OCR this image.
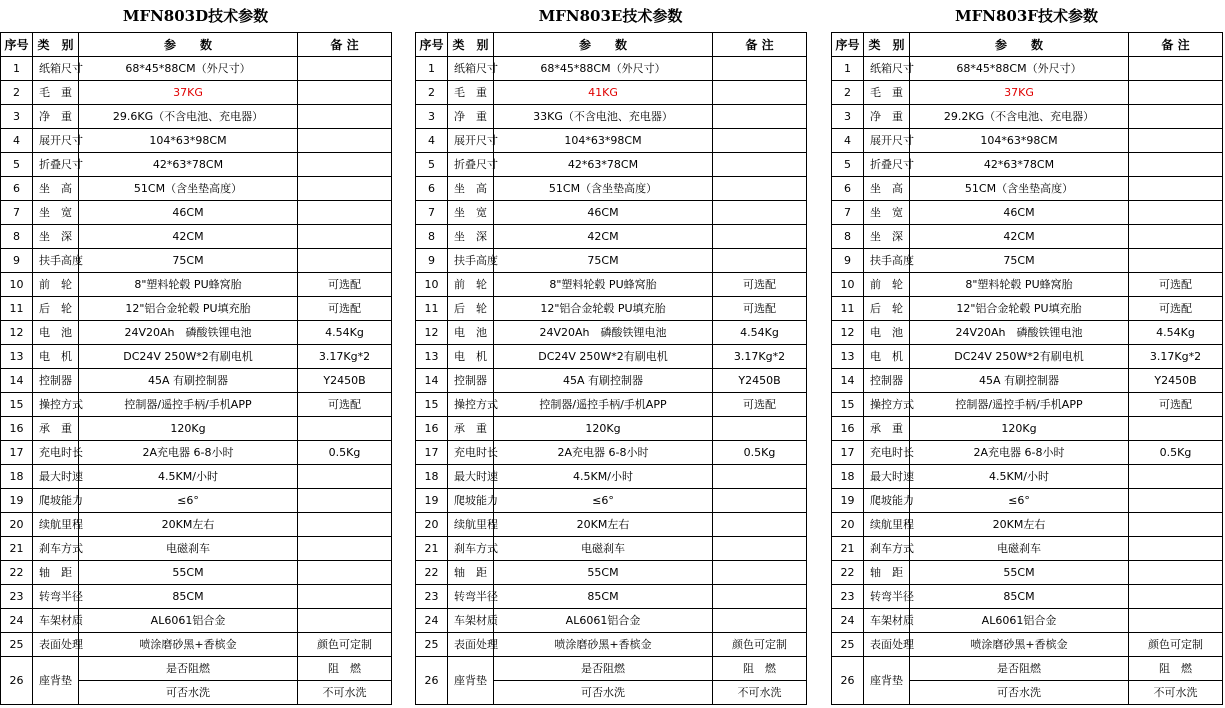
MFN803D技术参数
序号	类　别	参　　数	备 注
1	纸箱尺寸	68*45*88CM（外尺寸）	
2	毛重	37KG	
3	净重	29.6KG（不含电池、充电器）	
4	展开尺寸	104*63*98CM	
5	折叠尺寸	42*63*78CM	
6	坐高	51CM（含坐垫高度）	
7	坐宽	46CM	
8	坐深	42CM	
9	扶手高度	75CM	
10	前轮	8"塑料轮毂 PU蜂窝胎	可选配
11	后轮	12"铝合金轮毂 PU填充胎	可选配
12	电池	24V20Ah　磷酸铁锂电池	4.54Kg
13	电机	DC24V 250W*2有刷电机	3.17Kg*2
14	控制器	45A 有刷控制器	Y2450B
15	操控方式	控制器/遥控手柄/手机APP	可选配
16	承重	120Kg	
17	充电时长	2A充电器 6-8小时	0.5Kg
18	最大时速	4.5KM/小时	
19	爬坡能力	≤6°	
20	续航里程	20KM左右	
21	刹车方式	电磁刹车	
22	轴距	55CM	
23	转弯半径	85CM	
24	车架材质	AL6061铝合金	
25	表面处理	喷涂磨砂黑+香槟金	颜色可定制
26	座背垫	是否阻燃	阻　燃
		可否水洗	不可水洗
MFN803E技术参数
序号	类　别	参　　数	备 注
1	纸箱尺寸	68*45*88CM（外尺寸）	
2	毛重	41KG	
3	净重	33KG（不含电池、充电器）	
4	展开尺寸	104*63*98CM	
5	折叠尺寸	42*63*78CM	
6	坐高	51CM（含坐垫高度）	
7	坐宽	46CM	
8	坐深	42CM	
9	扶手高度	75CM	
10	前轮	8"塑料轮毂 PU蜂窝胎	可选配
11	后轮	12"铝合金轮毂 PU填充胎	可选配
12	电池	24V20Ah　磷酸铁锂电池	4.54Kg
13	电机	DC24V 250W*2有刷电机	3.17Kg*2
14	控制器	45A 有刷控制器	Y2450B
15	操控方式	控制器/遥控手柄/手机APP	可选配
16	承重	120Kg	
17	充电时长	2A充电器 6-8小时	0.5Kg
18	最大时速	4.5KM/小时	
19	爬坡能力	≤6°	
20	续航里程	20KM左右	
21	刹车方式	电磁刹车	
22	轴距	55CM	
23	转弯半径	85CM	
24	车架材质	AL6061铝合金	
25	表面处理	喷涂磨砂黑+香槟金	颜色可定制
26	座背垫	是否阻燃	阻　燃
		可否水洗	不可水洗
MFN803F技术参数
序号	类　别	参　　数	备 注
1	纸箱尺寸	68*45*88CM（外尺寸）	
2	毛重	37KG	
3	净重	29.2KG（不含电池、充电器）	
4	展开尺寸	104*63*98CM	
5	折叠尺寸	42*63*78CM	
6	坐高	51CM（含坐垫高度）	
7	坐宽	46CM	
8	坐深	42CM	
9	扶手高度	75CM	
10	前轮	8"塑料轮毂 PU蜂窝胎	可选配
11	后轮	12"铝合金轮毂 PU填充胎	可选配
12	电池	24V20Ah　磷酸铁锂电池	4.54Kg
13	电机	DC24V 250W*2有刷电机	3.17Kg*2
14	控制器	45A 有刷控制器	Y2450B
15	操控方式	控制器/遥控手柄/手机APP	可选配
16	承重	120Kg	
17	充电时长	2A充电器 6-8小时	0.5Kg
18	最大时速	4.5KM/小时	
19	爬坡能力	≤6°	
20	续航里程	20KM左右	
21	刹车方式	电磁刹车	
22	轴距	55CM	
23	转弯半径	85CM	
24	车架材质	AL6061铝合金	
25	表面处理	喷涂磨砂黑+香槟金	颜色可定制
26	座背垫	是否阻燃	阻　燃
		可否水洗	不可水洗
